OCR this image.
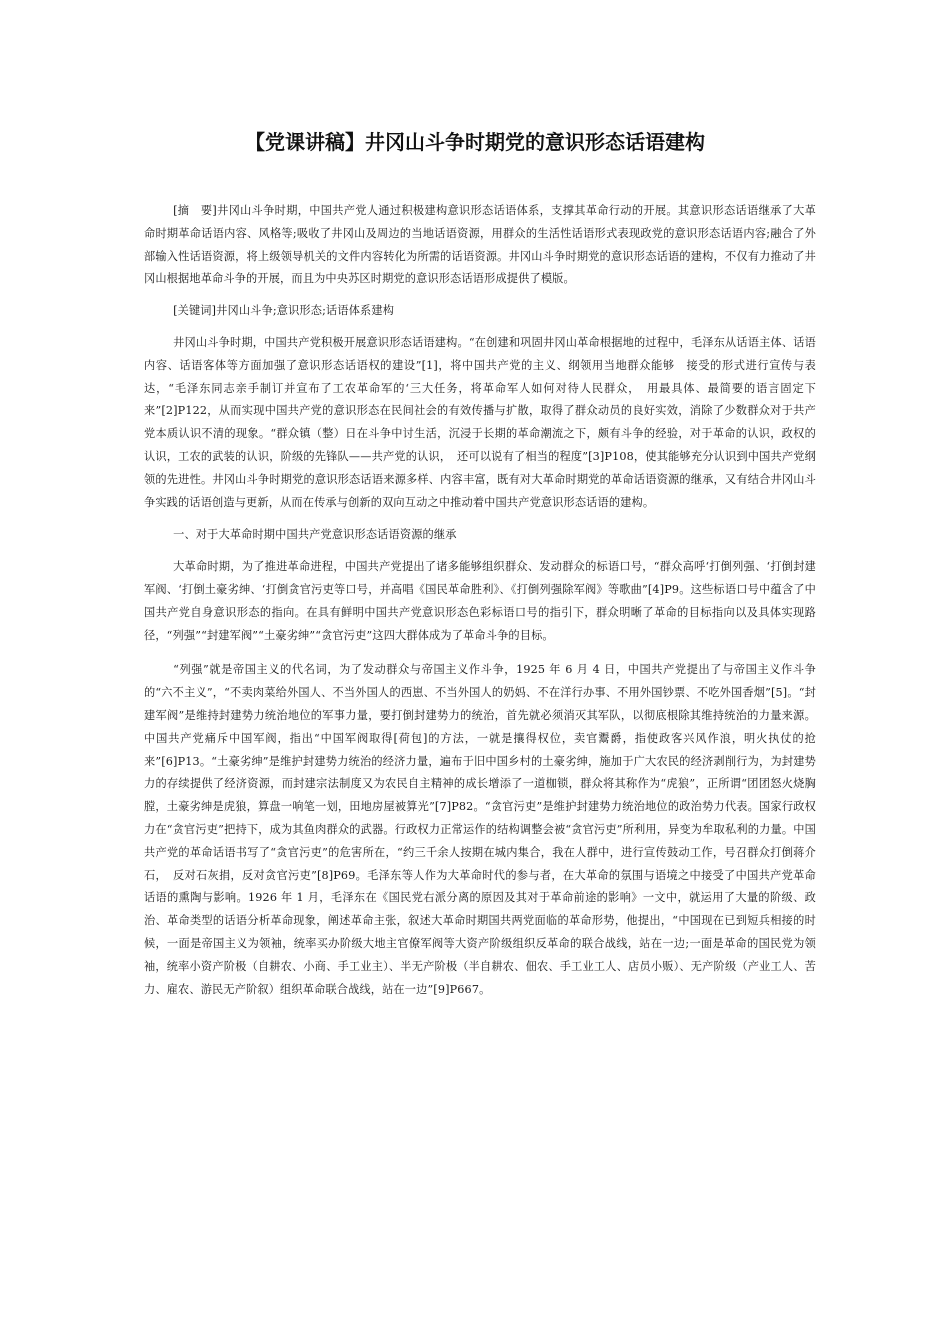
【党课讲稿】井冈山斗争时期党的意识形态话语建构

[摘　要]井冈山斗争时期，中国共产党人通过积极建构意识形态话语体系，支撑其革命行动的开展。其意识形态话语继承了大革命时期革命话语内容、风格等;吸收了井冈山及周边的当地话语资源，用群众的生活性话语形式表现政党的意识形态话语内容;融合了外部输入性话语资源，将上级领导机关的文件内容转化为所需的话语资源。井冈山斗争时期党的意识形态话语的建构，不仅有力推动了井冈山根据地革命斗争的开展，而且为中央苏区时期党的意识形态话语形成提供了模版。

[关键词]井冈山斗争;意识形态;话语体系建构

井冈山斗争时期，中国共产党积极开展意识形态话语建构。“在创建和巩固井冈山革命根据地的过程中，毛泽东从话语主体、话语内容、话语客体等方面加强了意识形态话语权的建设”[1]，将中国共产党的主义、纲领用当地群众能够　接受的形式进行宣传与表达，“毛泽东同志亲手制订并宣布了工农革命军的‘三大任务，将革命军人如何对待人民群众，　用最具体、最简要的语言固定下来”[2]P122，从而实现中国共产党的意识形态在民间社会的有效传播与扩散，取得了群众动员的良好实效，消除了少数群众对于共产党本质认识不清的现象。“群众镇（整）日在斗争中讨生活，沉浸于长期的革命潮流之下，颇有斗争的经验，对于革命的认识，政权的认识，工农的武装的认识，阶级的先锋队——共产党的认识，　还可以说有了相当的程度”[3]P108，使其能够充分认识到中国共产党纲领的先进性。井冈山斗争时期党的意识形态话语来源多样、内容丰富，既有对大革命时期党的革命话语资源的继承，又有结合井冈山斗争实践的话语创造与更新，从而在传承与创新的双向互动之中推动着中国共产党意识形态话语的建构。

一、对于大革命时期中国共产党意识形态话语资源的继承

大革命时期，为了推进革命进程，中国共产党提出了诸多能够组织群众、发动群众的标语口号，“群众高呼‘打倒列强、‘打倒封建军阀、‘打倒土豪劣绅、‘打倒贪官污吏等口号，并高唱《国民革命胜利》、《打倒列强除军阀》等歌曲”[4]P9。这些标语口号中蕴含了中国共产党自身意识形态的指向。在具有鲜明中国共产党意识形态色彩标语口号的指引下，群众明晰了革命的目标指向以及具体实现路径，“列强”“封建军阀”“土豪劣绅”“贪官污吏”这四大群体成为了革命斗争的目标。

“列强”就是帝国主义的代名词，为了发动群众与帝国主义作斗争，1925 年 6 月 4 日，中国共产党提出了与帝国主义作斗争的“六不主义”，“不卖肉菜给外国人、不当外国人的西崽、不当外国人的奶妈、不在洋行办事、不用外国钞票、不吃外国香烟”[5]。“封建军阀”是维持封建势力统治地位的军事力量，要打倒封建势力的统治，首先就必须消灭其军队，以彻底根除其维持统治的力量来源。中国共产党痛斥中国军阀，指出“中国军阀取得[荷包]的方法，一就是攘得权位，卖官鬻爵，指使政客兴风作浪，明火执仗的抢来”[6]P13。“土豪劣绅”是维护封建势力统治的经济力量，遍布于旧中国乡村的土豪劣绅，施加于广大农民的经济剥削行为，为封建势力的存续提供了经济资源，而封建宗法制度又为农民自主精神的成长增添了一道枷锁，群众将其称作为“虎狼”，正所谓“团团怒火烧胸膛，土豪劣绅是虎狼，算盘一响笔一划，田地房屋被算光”[7]P82。“贪官污吏”是维护封建势力统治地位的政治势力代表。国家行政权力在“贪官污吏”把持下，成为其鱼肉群众的武器。行政权力正常运作的结构调整会被“贪官污吏”所利用，异变为牟取私利的力量。中国共产党的革命话语书写了“贪官污吏”的危害所在，“约三千余人按期在城内集合，我在人群中，进行宣传鼓动工作，号召群众打倒蒋介石，　反对石灰捐，反对贪官污吏”[8]P69。毛泽东等人作为大革命时代的参与者，在大革命的氛围与语境之中接受了中国共产党革命话语的熏陶与影响。1926 年 1 月，毛泽东在《国民党右派分离的原因及其对于革命前途的影响》一文中，就运用了大量的阶级、政治、革命类型的话语分析革命现象，阐述革命主张，叙述大革命时期国共两党面临的革命形势，他提出，“中国现在已到短兵相接的时候，一面是帝国主义为领袖，统率买办阶级大地主官僚军阀等大资产阶级组织反革命的联合战线，站在一边;一面是革命的国民党为领袖，统率小资产阶极（自耕农、小商、手工业主）、半无产阶极（半自耕农、佃农、手工业工人、店员小贩）、无产阶级（产业工人、苦力、雇农、游民无产阶叙）组织革命联合战线，站在一边”[9]P667。
